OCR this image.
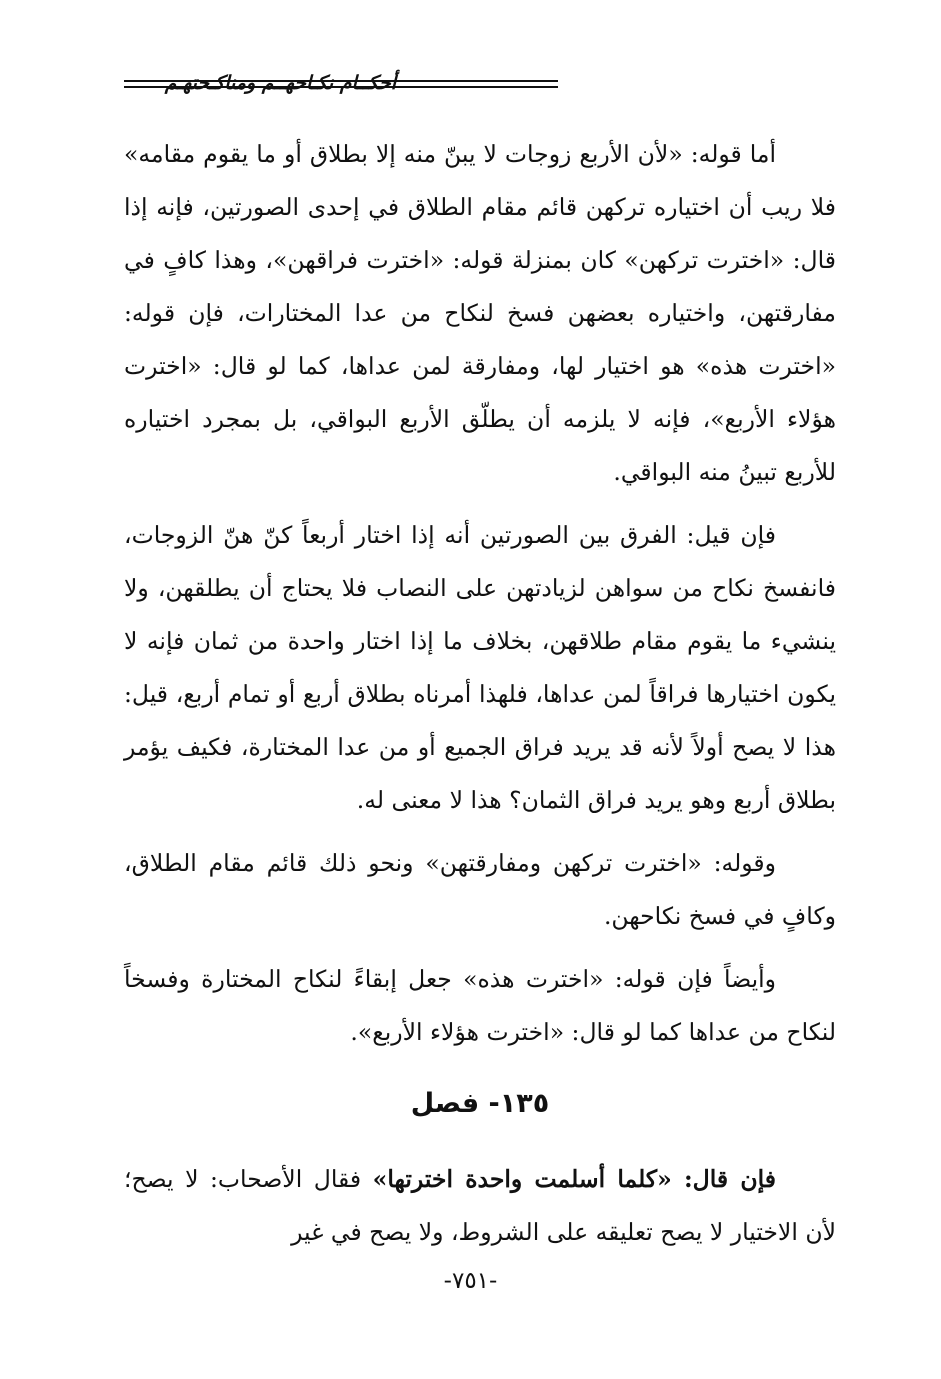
أحكــام نكـاحهــم ومناكـحتهـم

أما قوله: «لأن الأربع زوجات لا يبنّ منه إلا بطلاق أو ما يقوم مقامه» فلا ريب أن اختياره تركهن قائم مقام الطلاق في إحدى الصورتين، فإنه إذا قال: «اخترت تركهن» كان بمنزلة قوله: «اخترت فراقهن»، وهذا كافٍ في مفارقتهن، واختياره بعضهن فسخ لنكاح من عدا المختارات، فإن قوله: «اخترت هذه» هو اختيار لها، ومفارقة لمن عداها، كما لو قال: «اخترت هؤلاء الأربع»، فإنه لا يلزمه أن يطلّق الأربع البواقي، بل بمجرد اختياره للأربع تبينُ منه البواقي.

فإن قيل: الفرق بين الصورتين أنه إذا اختار أربعاً كنّ هنّ الزوجات، فانفسخ نكاح من سواهن لزيادتهن على النصاب فلا يحتاج أن يطلقهن، ولا ينشيء ما يقوم مقام طلاقهن، بخلاف ما إذا اختار واحدة من ثمان فإنه لا يكون اختيارها فراقاً لمن عداها، فلهذا أمرناه بطلاق أربع أو تمام أربع، قيل: هذا لا يصح أولاً لأنه قد يريد فراق الجميع أو من عدا المختارة، فكيف يؤمر بطلاق أربع وهو يريد فراق الثمان؟ هذا لا معنى له.

وقوله: «اخترت تركهن ومفارقتهن» ونحو ذلك قائم مقام الطلاق، وكافٍ في فسخ نكاحهن.

وأيضاً فإن قوله: «اخترت هذه» جعل إبقاءً لنكاح المختارة وفسخاً لنكاح من عداها كما لو قال: «اخترت هؤلاء الأربع».

١٣٥- فصل

فإن قال: «كلما أسلمت واحدة اخترتها» فقال الأصحاب: لا يصح؛ لأن الاختيار لا يصح تعليقه على الشروط، ولا يصح في غير

-٧٥١-
